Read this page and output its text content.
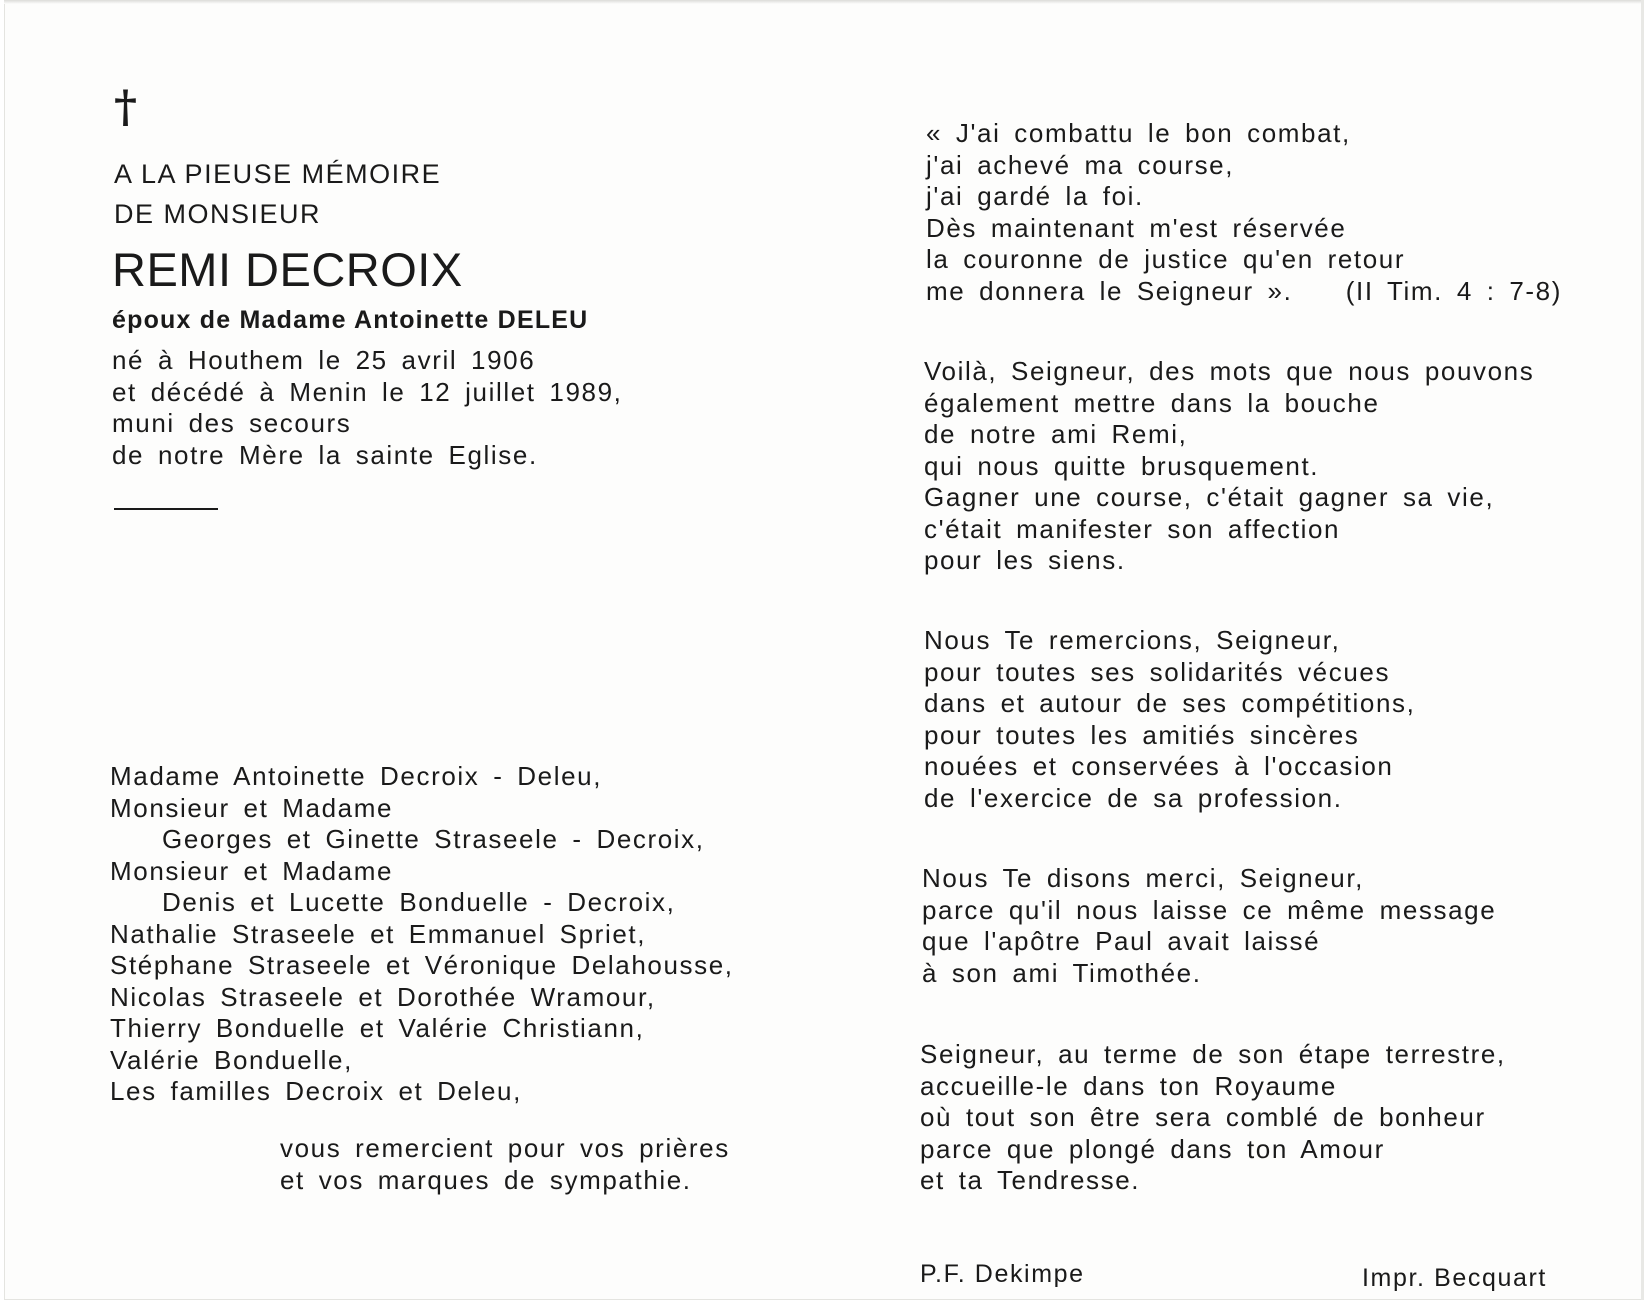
†
A LA PIEUSE MÉMOIRE
DE MONSIEUR
REMI DECROIX
époux de Madame Antoinette DELEU
né à Houthem le 25 avril 1906
et décédé à Menin le 12 juillet 1989,
muni des secours
de notre Mère la sainte Eglise.
Madame Antoinette Decroix - Deleu,
Monsieur et Madame
Georges et Ginette Straseele - Decroix,
Monsieur et Madame
Denis et Lucette Bonduelle - Decroix,
Nathalie Straseele et Emmanuel Spriet,
Stéphane Straseele et Véronique Delahousse,
Nicolas Straseele et Dorothée Wramour,
Thierry Bonduelle et Valérie Christiann,
Valérie Bonduelle,
Les familles Decroix et Deleu,
vous remercient pour vos prières
et vos marques de sympathie.
« J'ai combattu le bon combat,
j'ai achevé ma course,
j'ai gardé la foi.
Dès maintenant m'est réservée
la couronne de justice qu'en retour
me donnera le Seigneur ». (II Tim. 4 : 7-8)
Voilà, Seigneur, des mots que nous pouvons
également mettre dans la bouche
de notre ami Remi,
qui nous quitte brusquement.
Gagner une course, c'était gagner sa vie,
c'était manifester son affection
pour les siens.
Nous Te remercions, Seigneur,
pour toutes ses solidarités vécues
dans et autour de ses compétitions,
pour toutes les amitiés sincères
nouées et conservées à l'occasion
de l'exercice de sa profession.
Nous Te disons merci, Seigneur,
parce qu'il nous laisse ce même message
que l'apôtre Paul avait laissé
à son ami Timothée.
Seigneur, au terme de son étape terrestre,
accueille-le dans ton Royaume
où tout son être sera comblé de bonheur
parce que plongé dans ton Amour
et ta Tendresse.
P.F. Dekimpe	Impr. Becquart
